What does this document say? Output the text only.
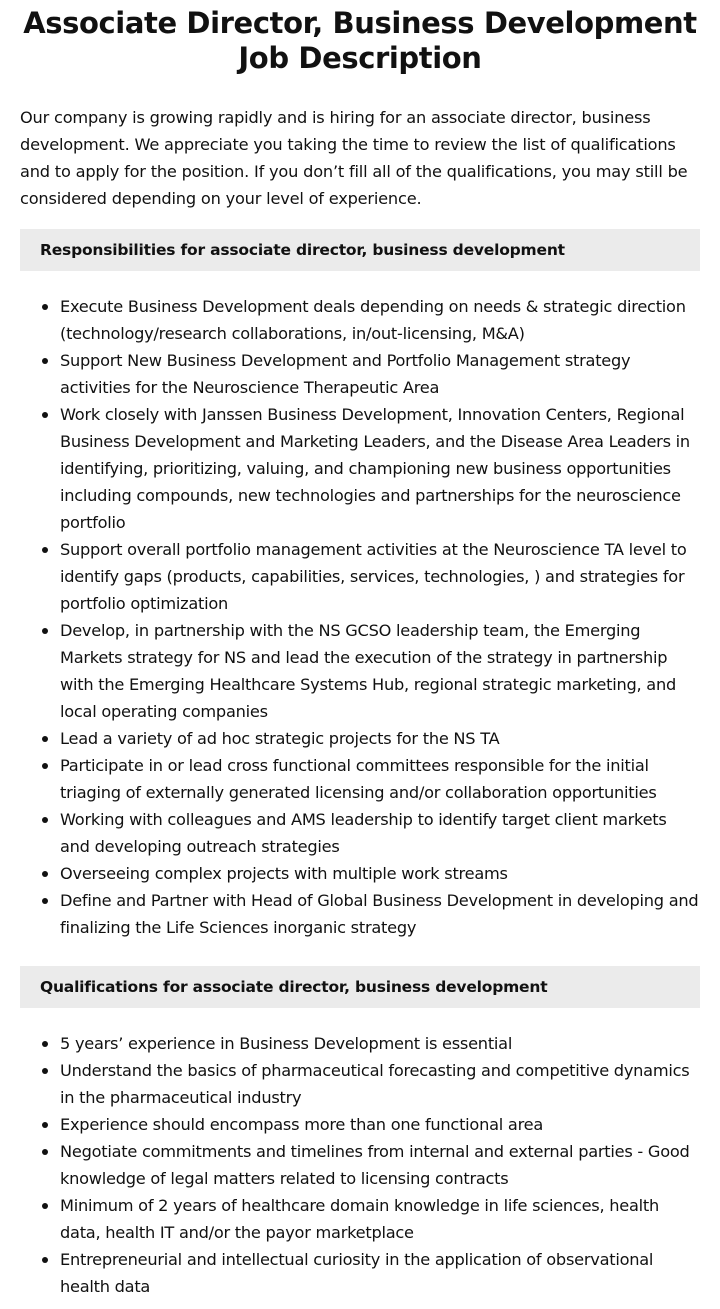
Associate Director, Business Development Job Description

Our company is growing rapidly and is hiring for an associate director, business development. We appreciate you taking the time to review the list of qualifications and to apply for the position. If you don’t fill all of the qualifications, you may still be considered depending on your level of experience.

Responsibilities for associate director, business development
Execute Business Development deals depending on needs & strategic direction (technology/research collaborations, in/out-licensing, M&A)
Support New Business Development and Portfolio Management strategy activities for the Neuroscience Therapeutic Area
Work closely with Janssen Business Development, Innovation Centers, Regional Business Development and Marketing Leaders, and the Disease Area Leaders in identifying, prioritizing, valuing, and championing new business opportunities including compounds, new technologies and partnerships for the neuroscience portfolio
Support overall portfolio management activities at the Neuroscience TA level to identify gaps (products, capabilities, services, technologies, ) and strategies for portfolio optimization
Develop, in partnership with the NS GCSO leadership team, the Emerging Markets strategy for NS and lead the execution of the strategy in partnership with the Emerging Healthcare Systems Hub, regional strategic marketing, and local operating companies
Lead a variety of ad hoc strategic projects for the NS TA
Participate in or lead cross functional committees responsible for the initial triaging of externally generated licensing and/or collaboration opportunities
Working with colleagues and AMS leadership to identify target client markets and developing outreach strategies
Overseeing complex projects with multiple work streams
Define and Partner with Head of Global Business Development in developing and finalizing the Life Sciences inorganic strategy
Qualifications for associate director, business development
5 years’ experience in Business Development is essential
Understand the basics of pharmaceutical forecasting and competitive dynamics in the pharmaceutical industry
Experience should encompass more than one functional area
Negotiate commitments and timelines from internal and external parties - Good knowledge of legal matters related to licensing contracts
Minimum of 2 years of healthcare domain knowledge in life sciences, health data, health IT and/or the payor marketplace
Entrepreneurial and intellectual curiosity in the application of observational health data
